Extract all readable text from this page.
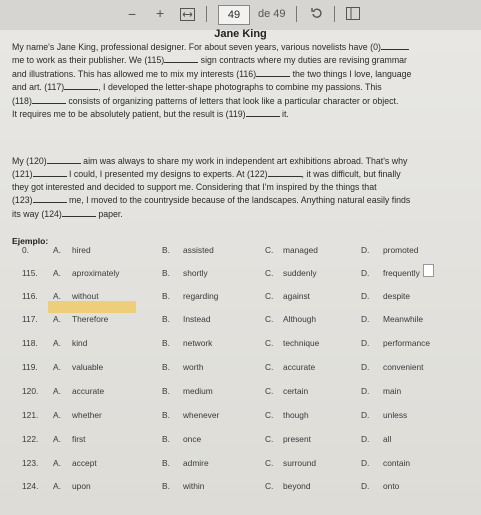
− +	49	de 49
Jane King

My name's Jane King, professional designer. For about seven years, various novelists have (0)
me to work as their publisher. We (115)	sign contracts where my duties are revising grammar
and illustrations. This has allowed me to mix my interests (116)	the two things I love, language
and art. (117)	, I developed the letter-shape photographs to combine my passions. This
(118)	consists of organizing patterns of letters that look like a particular character or object.
It requires me to be absolutely patient, but the result is (119)	it.

My (120)	aim was always to share my work in independent art exhibitions abroad. That's why
(121)	I could, I presented my designs to experts. At (122)	, it was difficult, but finally
they got interested and decided to support me. Considering that I'm inspired by the things that
(123)	me, I moved to the countryside because of the landscapes. Anything natural easily finds
its way (124)	paper.

Ejemplo:
0.	A. hired	B. assisted	C. managed	D. promoted
115. A. aproximately	B. shortly	C. suddenly	D. frequently
116. A. without	B. regarding	C. against	D. despite
117. A. Therefore	B. Instead	C. Although	D. Meanwhile
118. A. kind	B. network	C. technique	D. performance
119. A. valuable	B. worth	C. accurate	D. convenient
120. A. accurate	B. medium	C. certain	D. main
121. A. whether	B. whenever	C. though	D. unless
122. A. first	B. once	C. present	D. all
123. A. accept	B. admire	C. surround	D. contain
124. A. upon	B. within	C. beyond	D. onto
